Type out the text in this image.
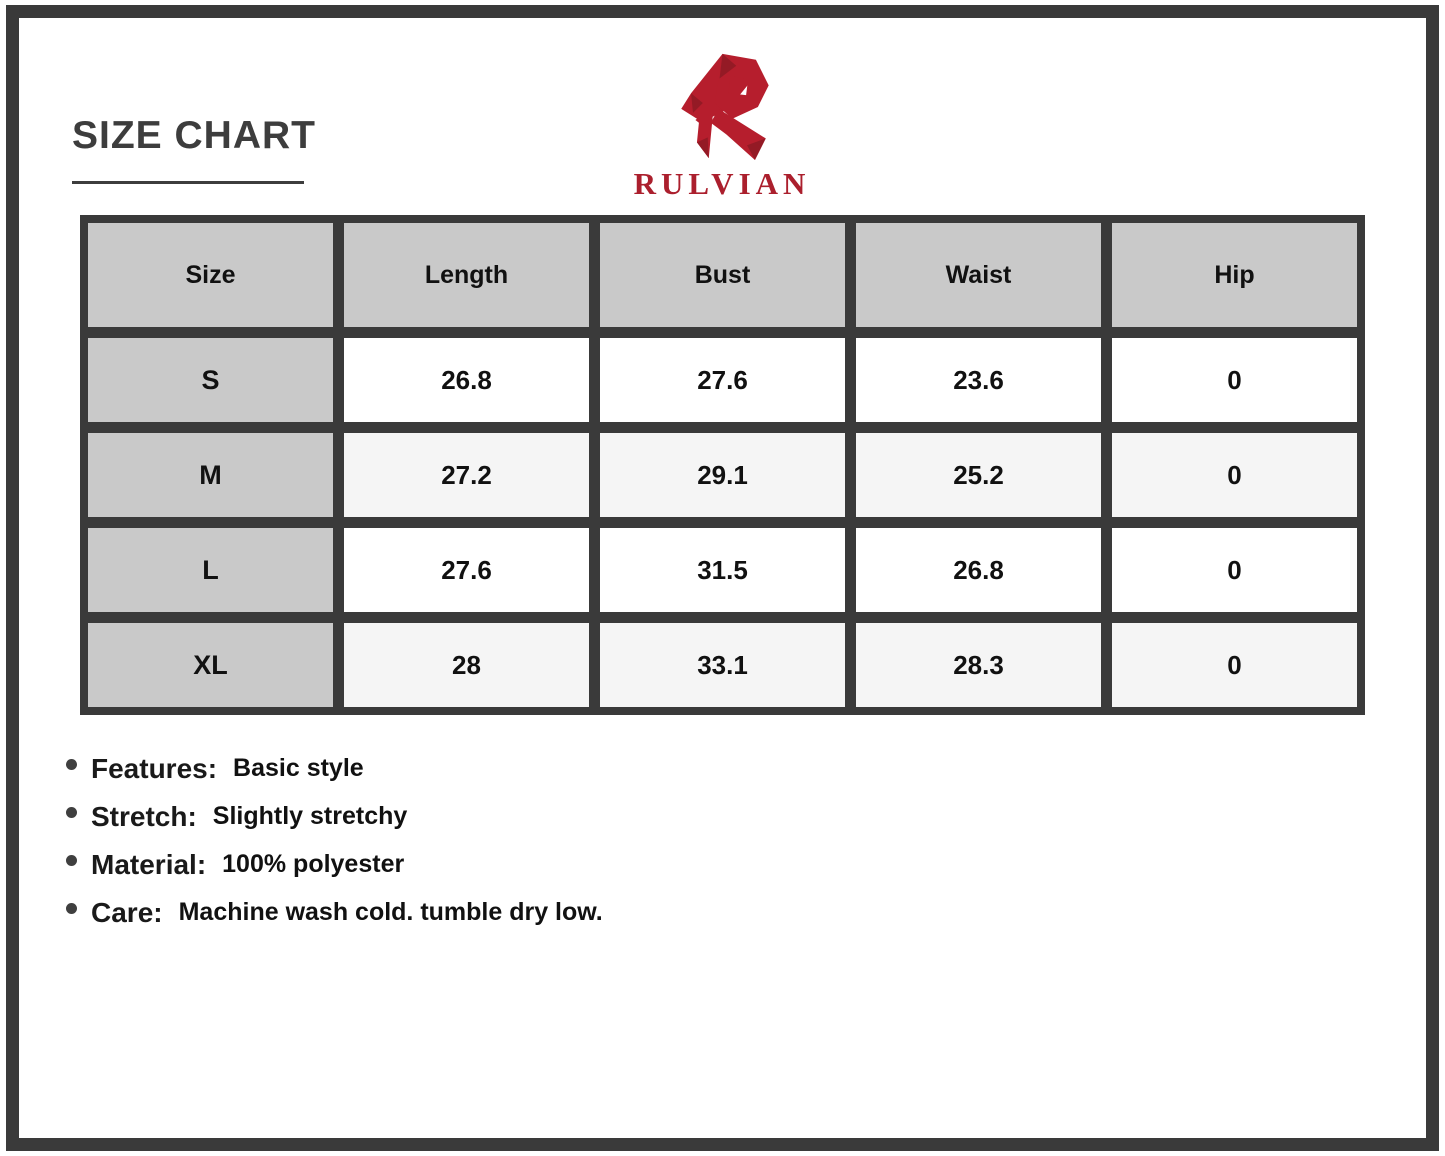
SIZE CHART
RULVIAN
Size	Length	Bust	Waist	Hip
S	26.8	27.6	23.6	0
M	27.2	29.1	25.2	0
L	27.6	31.5	26.8	0
XL	28	33.1	28.3	0
Features: Basic style
Stretch: Slightly stretchy
Material: 100% polyester
Care: Machine wash cold. tumble dry low.
